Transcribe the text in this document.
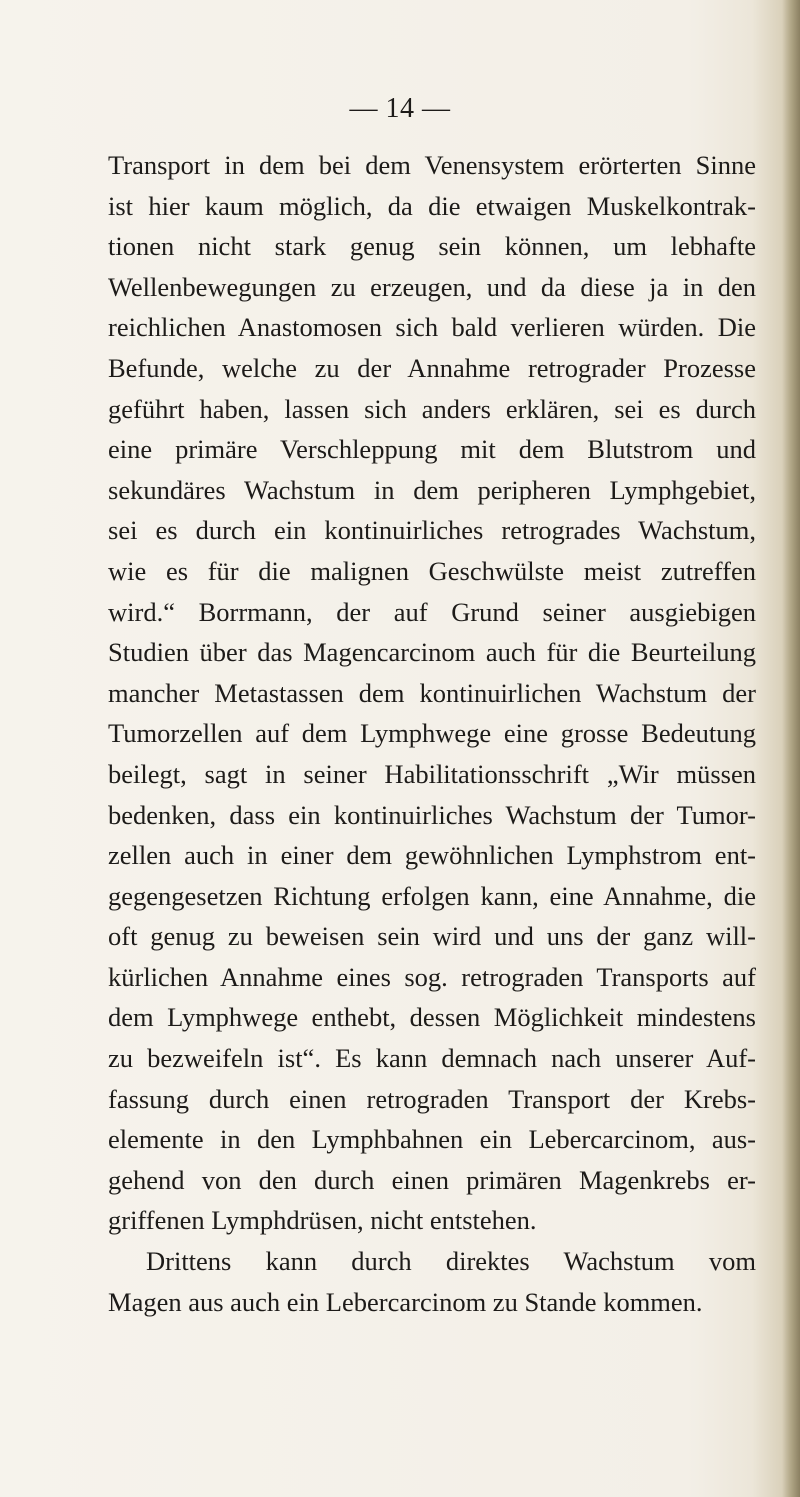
— 14 —
Transport in dem bei dem Venensystem erörterten Sinne
ist hier kaum möglich, da die etwaigen Muskelkontrak-
tionen nicht stark genug sein können, um lebhafte
Wellenbewegungen zu erzeugen, und da diese ja in den
reichlichen Anastomosen sich bald verlieren würden. Die
Befunde, welche zu der Annahme retrograder Prozesse
geführt haben, lassen sich anders erklären, sei es durch
eine primäre Verschleppung mit dem Blutstrom und
sekundäres Wachstum in dem peripheren Lymphgebiet,
sei es durch ein kontinuirliches retrogrades Wachstum,
wie es für die malignen Geschwülste meist zutreffen
wird.“ Borrmann, der auf Grund seiner ausgiebigen
Studien über das Magencarcinom auch für die Beurteilung
mancher Metastassen dem kontinuirlichen Wachstum der
Tumorzellen auf dem Lymphwege eine grosse Bedeutung
beilegt, sagt in seiner Habilitationsschrift „Wir müssen
bedenken, dass ein kontinuirliches Wachstum der Tumor-
zellen auch in einer dem gewöhnlichen Lymphstrom ent-
gegengesetzen Richtung erfolgen kann, eine Annahme, die
oft genug zu beweisen sein wird und uns der ganz will-
kürlichen Annahme eines sog. retrograden Transports auf
dem Lymphwege enthebt, dessen Möglichkeit mindestens
zu bezweifeln ist“. Es kann demnach nach unserer Auf-
fassung durch einen retrograden Transport der Krebs-
elemente in den Lymphbahnen ein Lebercarcinom, aus-
gehend von den durch einen primären Magenkrebs er-
griffenen Lymphdrüsen, nicht entstehen.
Drittens kann durch direktes Wachstum vom
Magen aus auch ein Lebercarcinom zu Stande kommen.
